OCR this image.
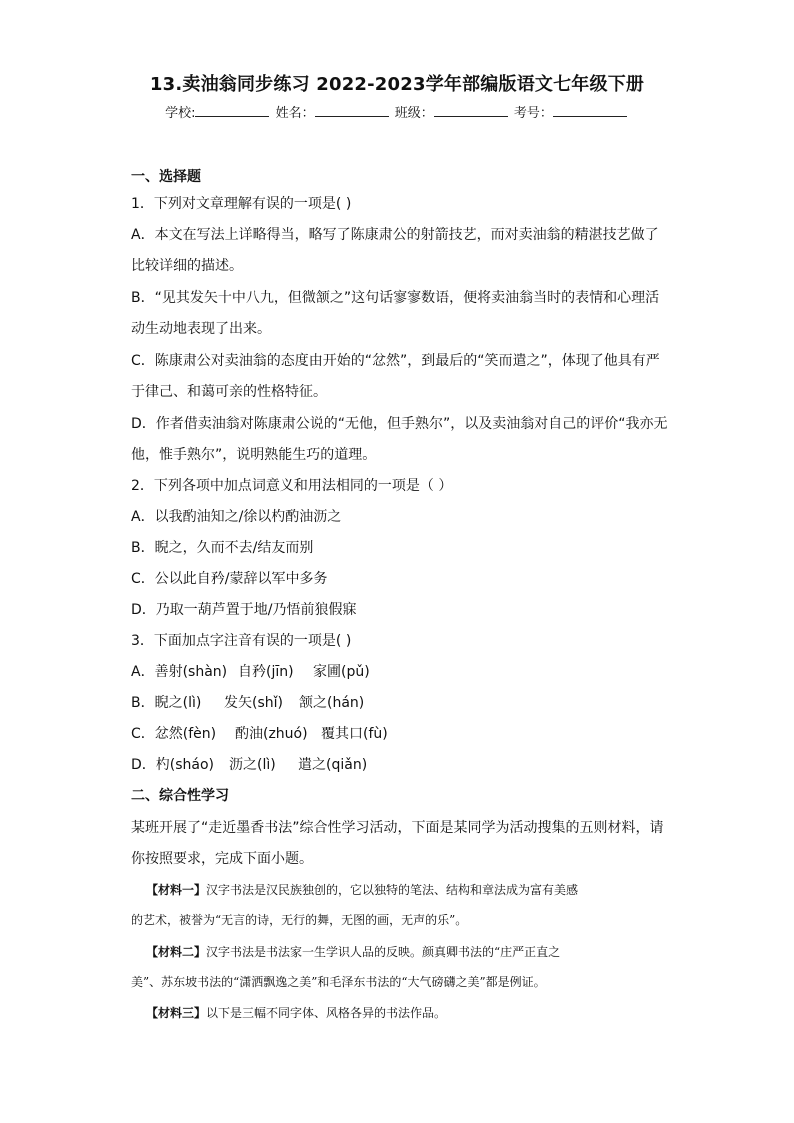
13.卖油翁同步练习 2022-2023学年部编版语文七年级下册
学校:	姓名：	班级：	考号：
一、选择题
1．下列对文章理解有误的一项是( )
A．本文在写法上详略得当，略写了陈康肃公的射箭技艺，而对卖油翁的精湛技艺做了
比较详细的描述。
B．“见其发矢十中八九，但微颔之”这句话寥寥数语，便将卖油翁当时的表情和心理活
动生动地表现了出来。
C．陈康肃公对卖油翁的态度由开始的“忿然”，到最后的“笑而遣之”，体现了他具有严
于律己、和蔼可亲的性格特征。
D．作者借卖油翁对陈康肃公说的“无他，但手熟尔”，以及卖油翁对自己的评价“我亦无
他，惟手熟尔”，说明熟能生巧的道理。
2．下列各项中加点词意义和用法相同的一项是（ ）
A．以我酌油知之/徐以杓酌油沥之
B．睨之，久而不去/结友而别
C．公以此自矜/蒙辞以军中多务
D．乃取一葫芦置于地/乃悟前狼假寐
3．下面加点字注音有误的一项是( )
A．善射(shàn) 自矜(jīn) 家圃(pǔ)
B．睨之(lì) 发矢(shǐ) 颔之(hán)
C．忿然(fèn) 酌油(zhuó) 覆其口(fù)
D．杓(sháo) 沥之(lì) 遣之(qiǎn)
二、综合性学习
某班开展了“走近墨香书法”综合性学习活动，下面是某同学为活动搜集的五则材料，请
你按照要求，完成下面小题。
【材料一】汉字书法是汉民族独创的，它以独特的笔法、结构和章法成为富有美感
的艺术，被誉为“无言的诗，无行的舞，无图的画，无声的乐”。
【材料二】汉字书法是书法家一生学识人品的反映。颜真卿书法的“庄严正直之
美”、苏东坡书法的“潇洒飘逸之美”和毛泽东书法的“大气磅礴之美”都是例证。
【材料三】以下是三幅不同字体、风格各异的书法作品。
